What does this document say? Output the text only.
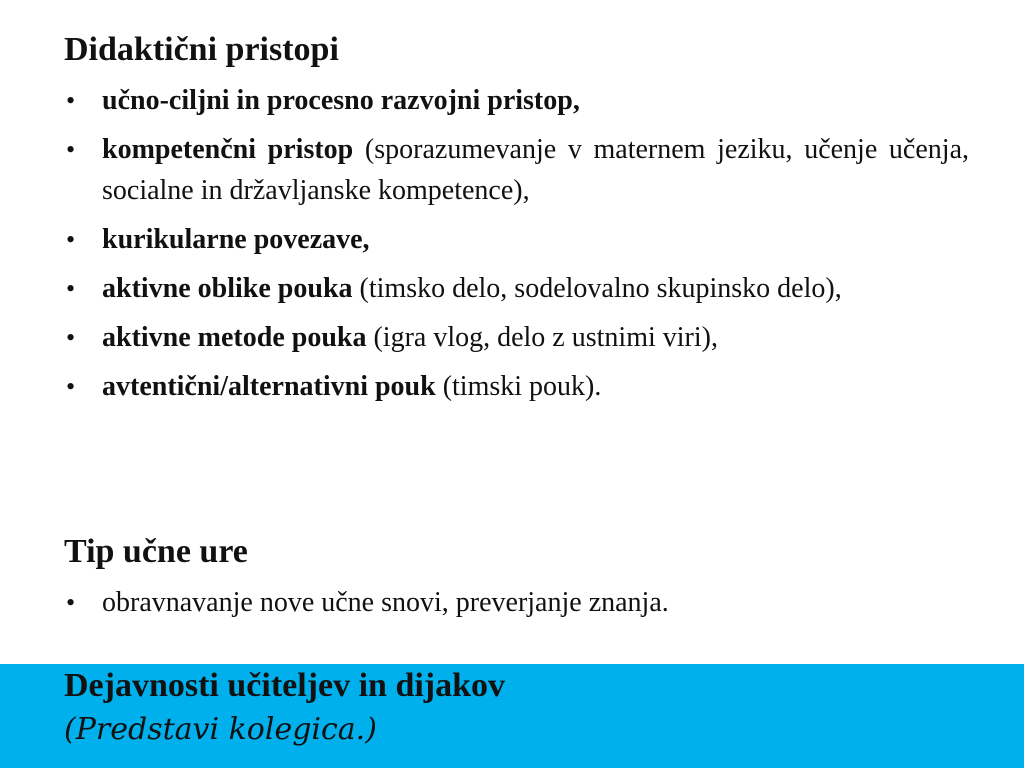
Didaktični pristopi
• učno-ciljni in procesno razvojni pristop,
• kompetenčni pristop (sporazumevanje v maternem jeziku, učenje učenja, socialne in državljanske kompetence),
• kurikularne povezave,
• aktivne oblike pouka (timsko delo, sodelovalno skupinsko delo),
• aktivne metode pouka (igra vlog, delo z ustnimi viri),
• avtentični/alternativni pouk (timski pouk).
Tip učne ure
• obravnavanje nove učne snovi, preverjanje znanja.
Dejavnosti učiteljev in dijakov
(Predstavi kolegica.)
